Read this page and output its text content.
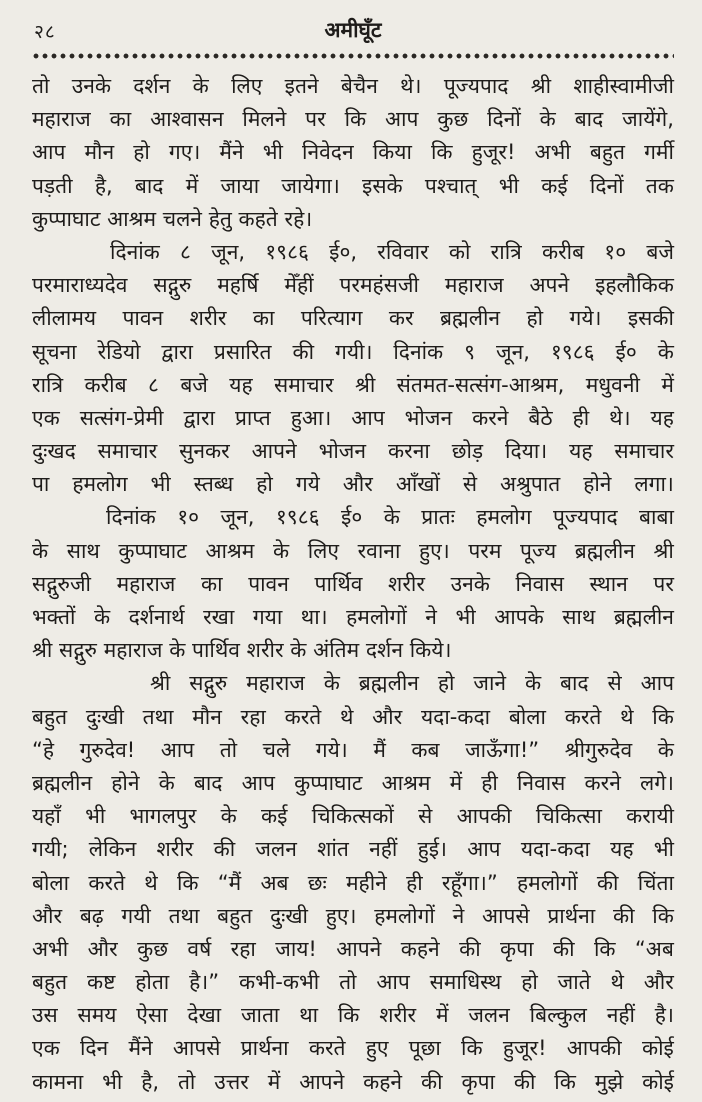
२८	अमीघूँट
तो उनके दर्शन के लिए इतने बेचैन थे। पूज्यपाद श्री शाहीस्वामीजी
महाराज का आश्वासन मिलने पर कि आप कुछ दिनों के बाद जायेंगे,
आप मौन हो गए। मैंने भी निवेदन किया कि हुजूर! अभी बहुत गर्मी
पड़ती है, बाद में जाया जायेगा। इसके पश्चात् भी कई दिनों तक
कुप्पाघाट आश्रम चलने हेतु कहते रहे।
दिनांक ८ जून, १९८६ ई०, रविवार को रात्रि करीब १० बजे
परमाराध्यदेव सद्गुरु महर्षि मेँहीं परमहंसजी महाराज अपने इहलौकिक
लीलामय पावन शरीर का परित्याग कर ब्रह्मलीन हो गये। इसकी
सूचना रेडियो द्वारा प्रसारित की गयी। दिनांक ९ जून, १९८६ ई० के
रात्रि करीब ८ बजे यह समाचार श्री संतमत-सत्संग-आश्रम, मधुवनी में
एक सत्संग-प्रेमी द्वारा प्राप्त हुआ। आप भोजन करने बैठे ही थे। यह
दुःखद समाचार सुनकर आपने भोजन करना छोड़ दिया। यह समाचार
पा हमलोग भी स्तब्ध हो गये और आँखों से अश्रुपात होने लगा।
दिनांक १० जून, १९८६ ई० के प्रातः हमलोग पूज्यपाद बाबा
के साथ कुप्पाघाट आश्रम के लिए रवाना हुए। परम पूज्य ब्रह्मलीन श्री
सद्गुरुजी महाराज का पावन पार्थिव शरीर उनके निवास स्थान पर
भक्तों के दर्शनार्थ रखा गया था। हमलोगों ने भी आपके साथ ब्रह्मलीन
श्री सद्गुरु महाराज के पार्थिव शरीर के अंतिम दर्शन किये।
श्री सद्गुरु महाराज के ब्रह्मलीन हो जाने के बाद से आप
बहुत दुःखी तथा मौन रहा करते थे और यदा-कदा बोला करते थे कि
“हे गुरुदेव! आप तो चले गये। मैं कब जाऊँगा!” श्रीगुरुदेव के
ब्रह्मलीन होने के बाद आप कुप्पाघाट आश्रम में ही निवास करने लगे।
यहाँ भी भागलपुर के कई चिकित्सकों से आपकी चिकित्सा करायी
गयी; लेकिन शरीर की जलन शांत नहीं हुई। आप यदा-कदा यह भी
बोला करते थे कि “मैं अब छः महीने ही रहूँगा।” हमलोगों की चिंता
और बढ़ गयी तथा बहुत दुःखी हुए। हमलोगों ने आपसे प्रार्थना की कि
अभी और कुछ वर्ष रहा जाय! आपने कहने की कृपा की कि “अब
बहुत कष्ट होता है।” कभी-कभी तो आप समाधिस्थ हो जाते थे और
उस समय ऐसा देखा जाता था कि शरीर में जलन बिल्कुल नहीं है।
एक दिन मैंने आपसे प्रार्थना करते हुए पूछा कि हुजूर! आपकी कोई
कामना भी है, तो उत्तर में आपने कहने की कृपा की कि मुझे कोई
